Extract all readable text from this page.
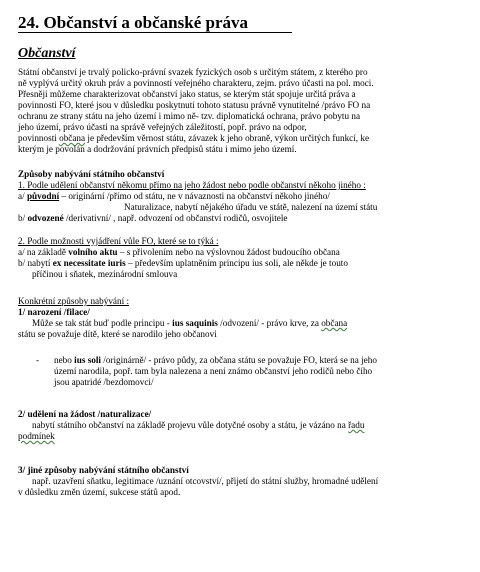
24. Občanství a občanské práva
Občanství
Státní občanství je trvalý policko-právní svazek fyzických osob s určitým státem, z kterého pro
ně vyplývá určitý okruh práv a povinností veřejného charakteru, zejm. právo účasti na pol. moci.
Přesněji můžeme charakterizovat občanství jako status, se kterým stát spojuje určitá práva a
povinnosti FO, které jsou v důsledku poskytnutí tohoto statusu právně vynutitelné /právo FO na
ochranu ze strany státu na jeho území i mimo ně- tzv. diplomatická ochrana, právo pobytu na
jeho území, právo účasti na správě veřejných záležitostí, popř. právo na odpor,
povinnosti občana je především věrnost státu, závazek k jeho obraně, výkon určitých funkcí, ke
kterým je povolán a dodržování právních předpisů státu i mimo jeho území.
Způsoby nabývání státního občanství
1. Podle udělení občanství někomu přímo na jeho žádost nebo podle občanství někoho jiného :
a/ původní – originární /přímo od státu, ne v návaznosti na občanství někoho jiného/
Naturalizace, nabytí nějakého úřadu ve státě, nalezení na území státu
b/ odvozené /derivativní/ , např. odvození od občanství rodičů, osvojitele
2. Podle možnosti vyjádření vůle FO, které se to týká :
a/ na základě volního aktu – s přivolením nebo na výslovnou žádost budoucího občana
b/ nabytí ex necessitate iuris – především uplatněním principu ius soli, ale někde je touto
příčinou i sňatek, mezinárodní smlouva
Konkrétní způsoby nabývání :
1/ narození /filace/
Může se tak stát buď podle principu - ius saquinis /odvození/ - právo krve, za občana
státu se považuje dítě, které se narodilo jeho občanovi
- nebo ius soli /originárně/ - právo půdy, za občana státu se považuje FO, která se na jeho
území narodila, popř. tam byla nalezena a není známo občanství jeho rodičů nebo čího
jsou apatridé /bezdomovci/
2/ udělení na žádost /naturalizace/
nabytí státního občanství na základě projevu vůle dotyčné osoby a státu, je vázáno na řadu
podmínek
3/ jiné způsoby nabývání státního občanství
např. uzavření sňatku, legitimace /uznání otcovství/, přijetí do státní služby, hromadné udělení
v důsledku změn území, sukcese států apod.
